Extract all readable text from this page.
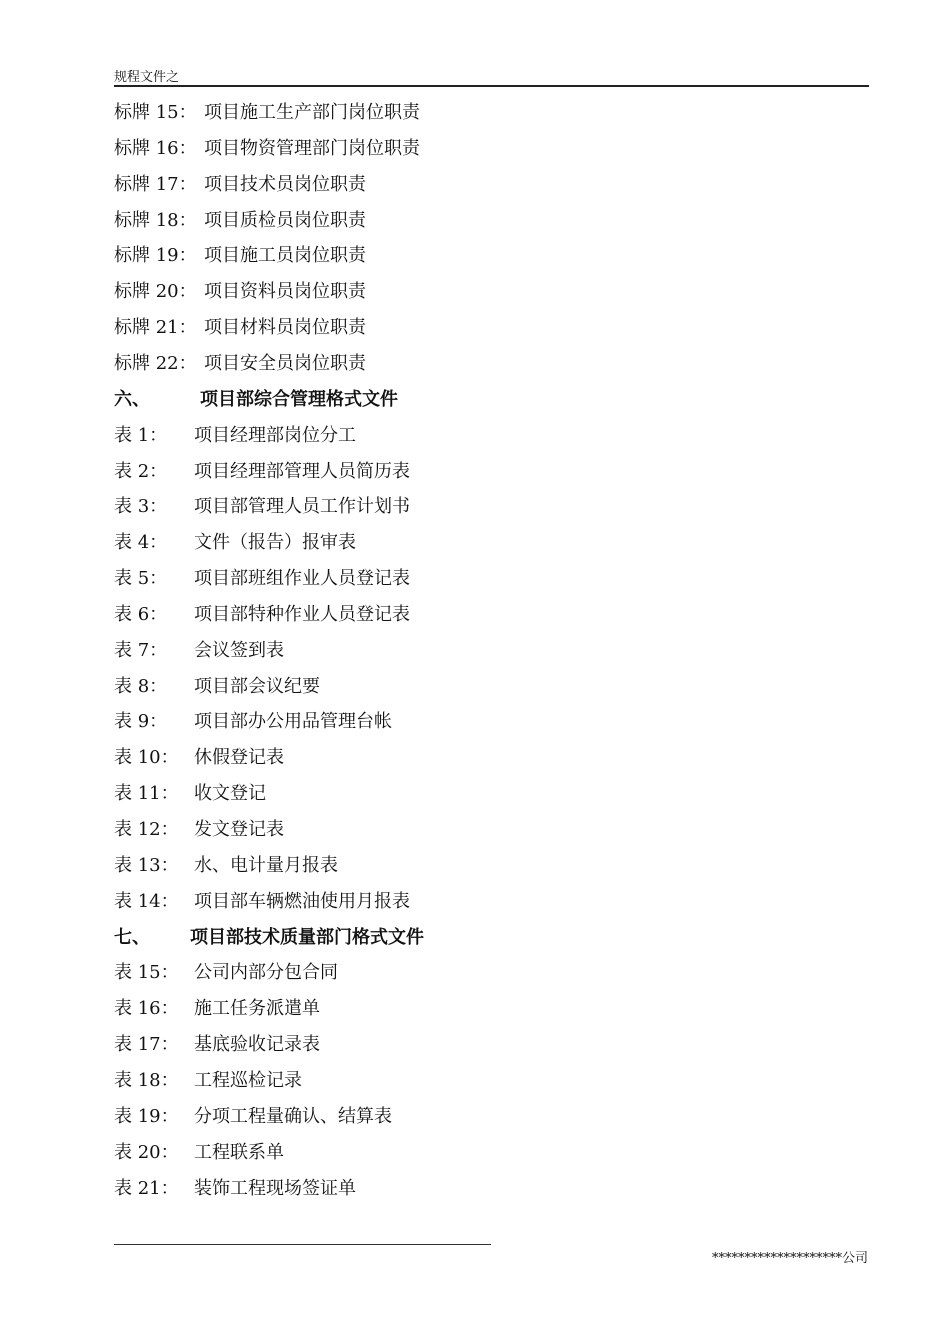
规程文件之
标牌 15： 项目施工生产部门岗位职责
标牌 16： 项目物资管理部门岗位职责
标牌 17： 项目技术员岗位职责
标牌 18： 项目质检员岗位职责
标牌 19： 项目施工员岗位职责
标牌 20： 项目资料员岗位职责
标牌 21： 项目材料员岗位职责
标牌 22： 项目安全员岗位职责
六、	项目部综合管理格式文件
表 1： 项目经理部岗位分工
表 2： 项目经理部管理人员简历表
表 3： 项目部管理人员工作计划书
表 4： 文件（报告）报审表
表 5： 项目部班组作业人员登记表
表 6： 项目部特种作业人员登记表
表 7： 会议签到表
表 8： 项目部会议纪要
表 9： 项目部办公用品管理台帐
表 10： 休假登记表
表 11： 收文登记
表 12： 发文登记表
表 13： 水、电计量月报表
表 14： 项目部车辆燃油使用月报表
七、 项目部技术质量部门格式文件
表 15： 公司内部分包合同
表 16： 施工任务派遣单
表 17： 基底验收记录表
表 18： 工程巡检记录
表 19： 分项工程量确认、结算表
表 20： 工程联系单
表 21： 装饰工程现场签证单
********************公司
